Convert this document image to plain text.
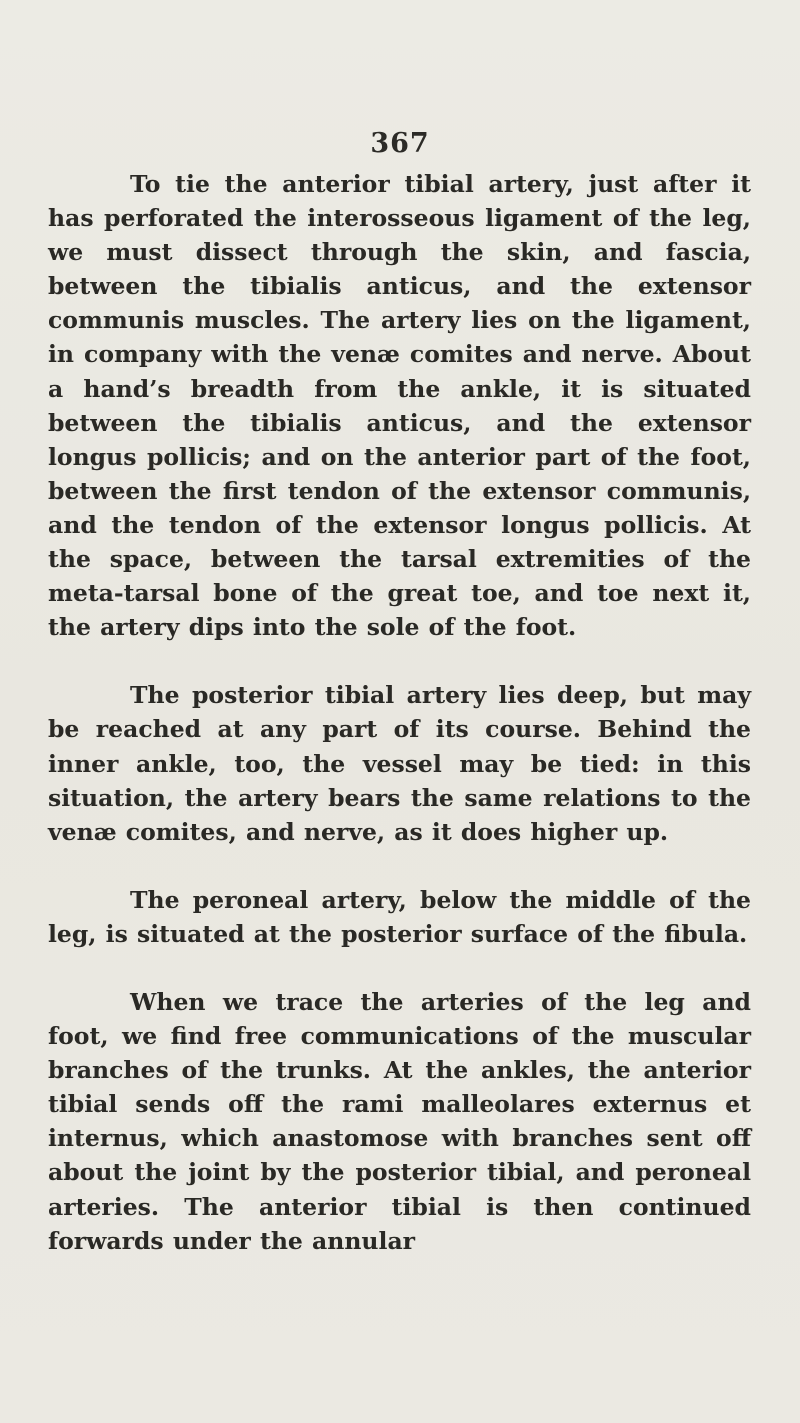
367

To tie the anterior tibial artery, just after it has perforated the interosseous ligament of the leg, we must dissect through the skin, and fascia, between the tibialis anticus, and the extensor communis muscles. The artery lies on the ligament, in company with the venæ comites and nerve. About a hand’s breadth from the ankle, it is situated between the tibialis anticus, and the extensor longus pollicis; and on the anterior part of the foot, between the first tendon of the extensor communis, and the tendon of the extensor longus pollicis. At the space, between the tarsal extremities of the meta-tarsal bone of the great toe, and toe next it, the artery dips into the sole of the foot.

The posterior tibial artery lies deep, but may be reached at any part of its course. Behind the inner ankle, too, the vessel may be tied: in this situation, the artery bears the same relations to the venæ comites, and nerve, as it does higher up.

The peroneal artery, below the middle of the leg, is situated at the posterior surface of the fibula.

When we trace the arteries of the leg and foot, we find free communications of the muscular branches of the trunks. At the ankles, the anterior tibial sends off the rami malleolares externus et internus, which anastomose with branches sent off about the joint by the posterior tibial, and peroneal arteries. The anterior tibial is then continued forwards under the annular
